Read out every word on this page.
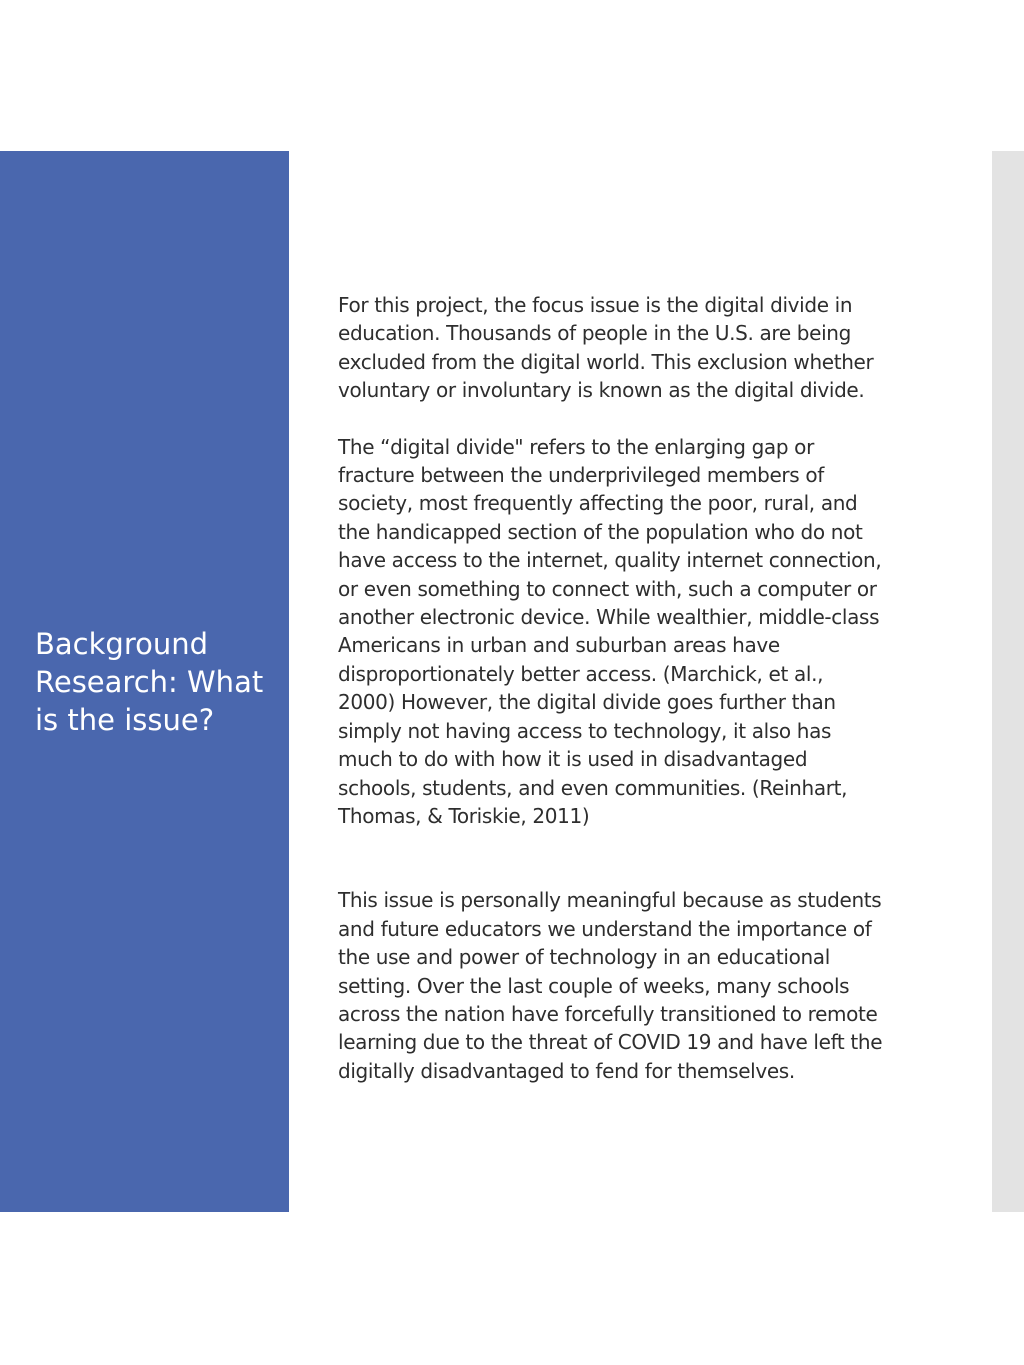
Background
Research: What
is the issue?

For this project, the focus issue is the digital divide in
education. Thousands of people in the U.S. are being
excluded from the digital world. This exclusion whether
voluntary or involuntary is known as the digital divide.

The “digital divide" refers to the enlarging gap or
fracture between the underprivileged members of
society, most frequently affecting the poor, rural, and
the handicapped section of the population who do not
have access to the internet, quality internet connection,
or even something to connect with, such a computer or
another electronic device. While wealthier, middle-class
Americans in urban and suburban areas have
disproportionately better access. (Marchick, et al.,
2000) However, the digital divide goes further than
simply not having access to technology, it also has
much to do with how it is used in disadvantaged
schools, students, and even communities. (Reinhart,
Thomas, & Toriskie, 2011)

This issue is personally meaningful because as students
and future educators we understand the importance of
the use and power of technology in an educational
setting. Over the last couple of weeks, many schools
across the nation have forcefully transitioned to remote
learning due to the threat of COVID 19 and have left the
digitally disadvantaged to fend for themselves.
